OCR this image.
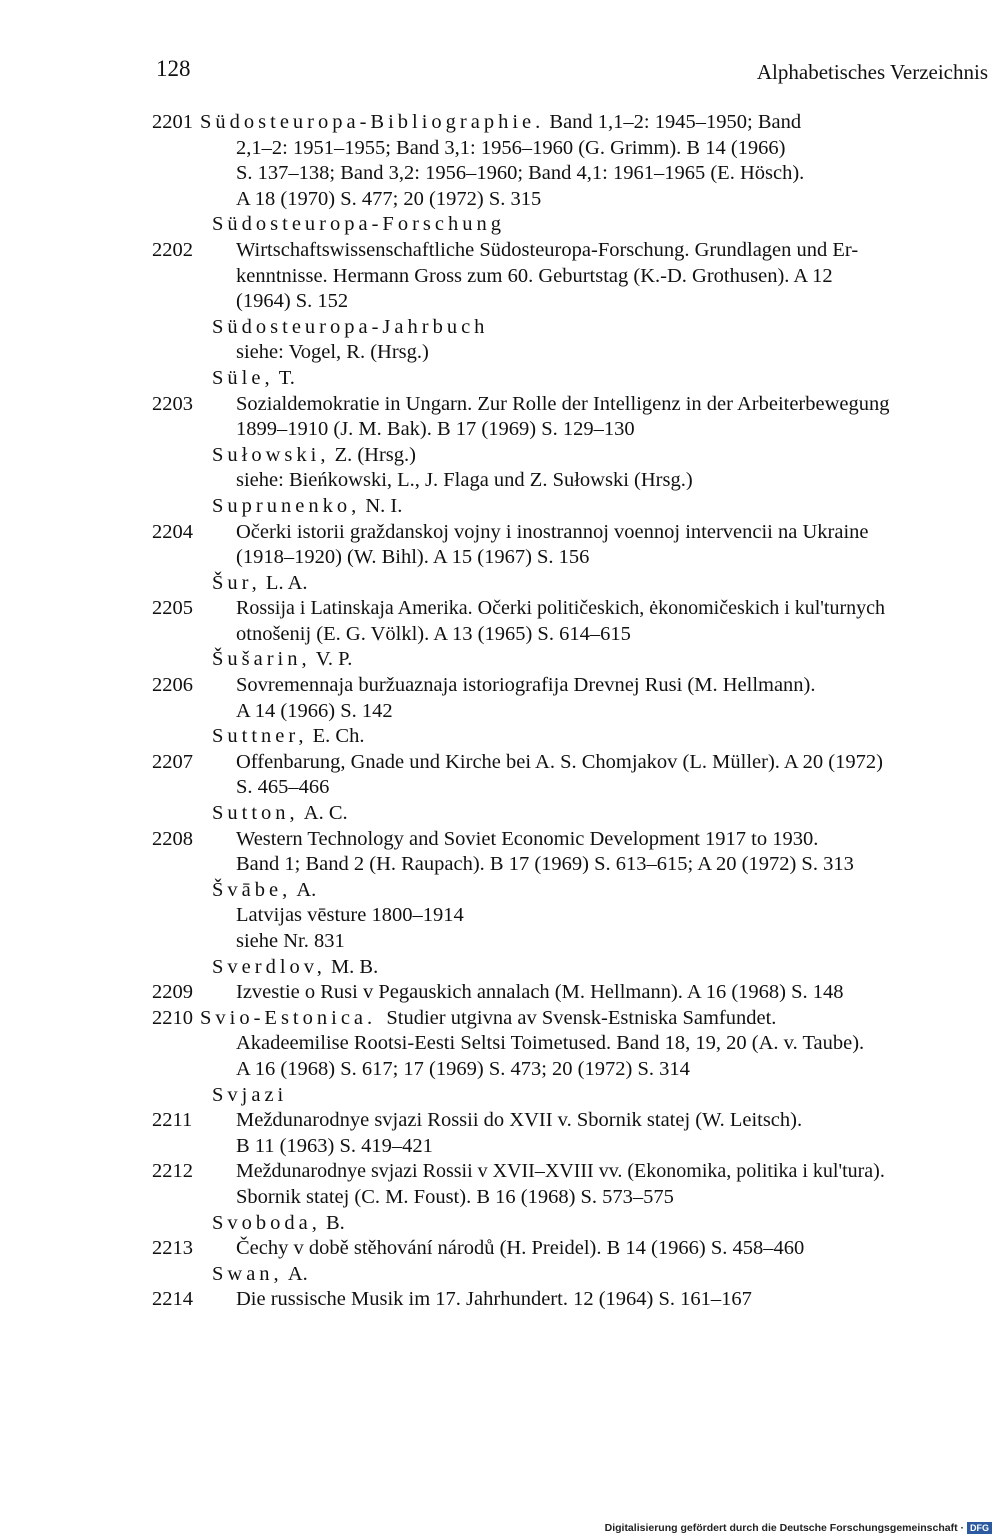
128	Alphabetisches Verzeichnis
2201 Südosteuropa-Bibliographie. Band 1,1–2: 1945–1950; Band
2,1–2: 1951–1955; Band 3,1: 1956–1960 (G. Grimm). B 14 (1966)
S. 137–138; Band 3,2: 1956–1960; Band 4,1: 1961–1965 (E. Hösch).
A 18 (1970) S. 477; 20 (1972) S. 315
Südosteuropa-Forschung
2202	Wirtschaftswissenschaftliche Südosteuropa-Forschung. Grundlagen und Er-
kenntnisse. Hermann Gross zum 60. Geburtstag (K.-D. Grothusen). A 12
(1964) S. 152
Südosteuropa-Jahrbuch
siehe: Vogel, R. (Hrsg.)
Süle,
T.
2203	Sozialdemokratie in Ungarn. Zur Rolle der Intelligenz in der Arbeiterbewegung
1899–1910 (J. M. Bak). B 17 (1969) S. 129–130
Sułowski,
Z. (Hrsg.)
siehe: Bieńkowski, L., J. Flaga und Z. Sułowski (Hrsg.)
Suprunenko,
N. I.
2204	Očerki istorii graždanskoj vojny i inostrannoj voennoj intervencii na Ukraine
(1918–1920) (W. Bihl). A 15 (1967) S. 156
Šur,
L. A.
2205	Rossija i Latinskaja Amerika. Očerki političeskich, ėkonomičeskich i kul'turnych
otnošenij (E. G. Völkl). A 13 (1965) S. 614–615
Šušarin,
V. P.
2206	Sovremennaja buržuaznaja istoriografija Drevnej Rusi (M. Hellmann).
A 14 (1966) S. 142
Suttner,
E. Ch.
2207	Offenbarung, Gnade und Kirche bei A. S. Chomjakov (L. Müller). A 20 (1972)
S. 465–466
Sutton,
A. C.
2208	Western Technology and Soviet Economic Development 1917 to 1930.
Band 1; Band 2 (H. Raupach). B 17 (1969) S. 613–615; A 20 (1972) S. 313
Švābe,
A.
Latvijas vēsture 1800–1914
siehe Nr. 831
Sverdlov,
M. B.
2209	Izvestie o Rusi v Pegauskich annalach (M. Hellmann). A 16 (1968) S. 148
2210 Svio-Estonica. Studier utgivna av Svensk-Estniska Samfundet.
Akadeemilise Rootsi-Eesti Seltsi Toimetused. Band 18, 19, 20 (A. v. Taube).
A 16 (1968) S. 617; 17 (1969) S. 473; 20 (1972) S. 314
Svjazi
2211	Meždunarodnye svjazi Rossii do XVII v. Sbornik statej (W. Leitsch).
B 11 (1963) S. 419–421
2212	Meždunarodnye svjazi Rossii v XVII–XVIII vv. (Ekonomika, politika i kul'tura).
Sbornik statej (C. M. Foust). B 16 (1968) S. 573–575
Svoboda,
B.
2213	Čechy v době stěhování národů (H. Preidel). B 14 (1966) S. 458–460
Swan,
A.
2214	Die russische Musik im 17. Jahrhundert. 12 (1964) S. 161–167
Digitalisierung gefördert durch die Deutsche Forschungsgemeinschaft · DFG
